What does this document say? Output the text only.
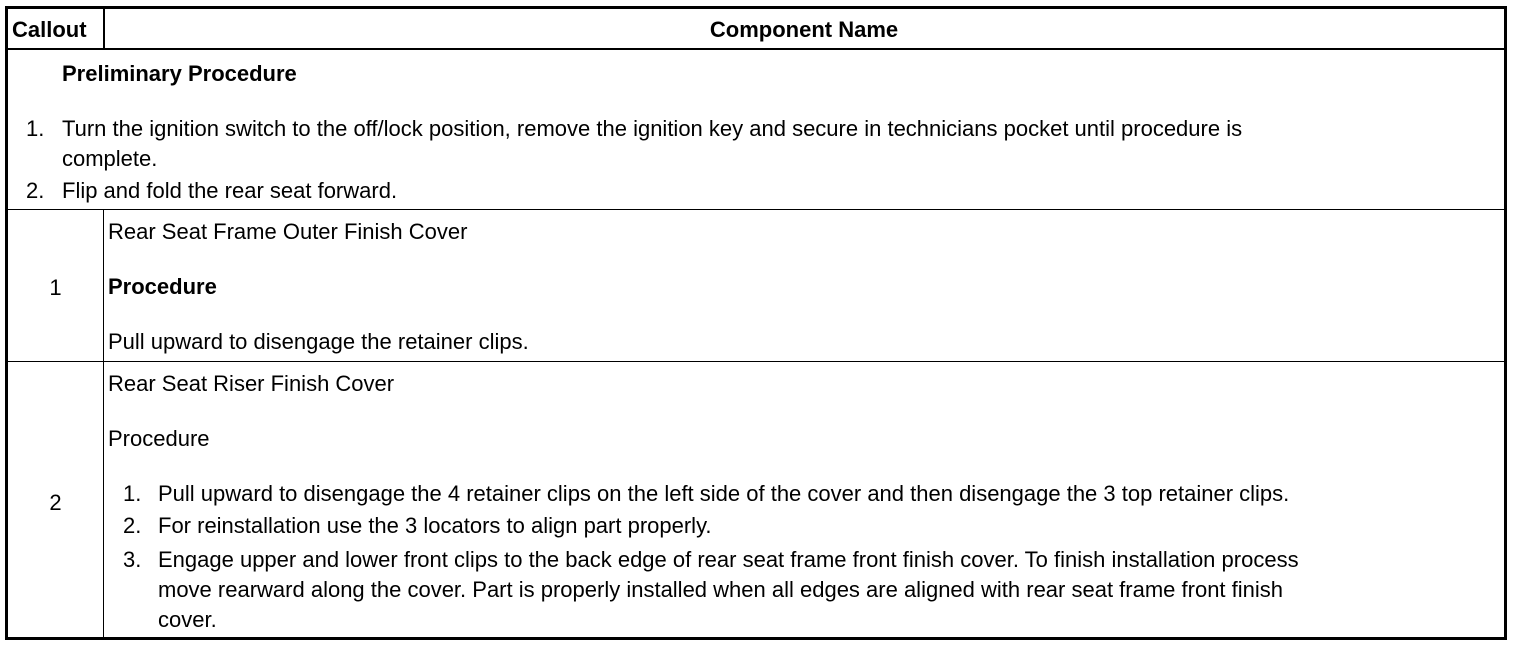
Callout	Component Name
Preliminary Procedure
1. Turn the ignition switch to the off/lock position, remove the ignition key and secure in technicians pocket until procedure is
complete.
2. Flip and fold the rear seat forward.
1
Rear Seat Frame Outer Finish Cover
Procedure
Pull upward to disengage the retainer clips.
2
Rear Seat Riser Finish Cover
Procedure
1. Pull upward to disengage the 4 retainer clips on the left side of the cover and then disengage the 3 top retainer clips.
2. For reinstallation use the 3 locators to align part properly.
3. Engage upper and lower front clips to the back edge of rear seat frame front finish cover. To finish installation process
move rearward along the cover. Part is properly installed when all edges are aligned with rear seat frame front finish
cover.
